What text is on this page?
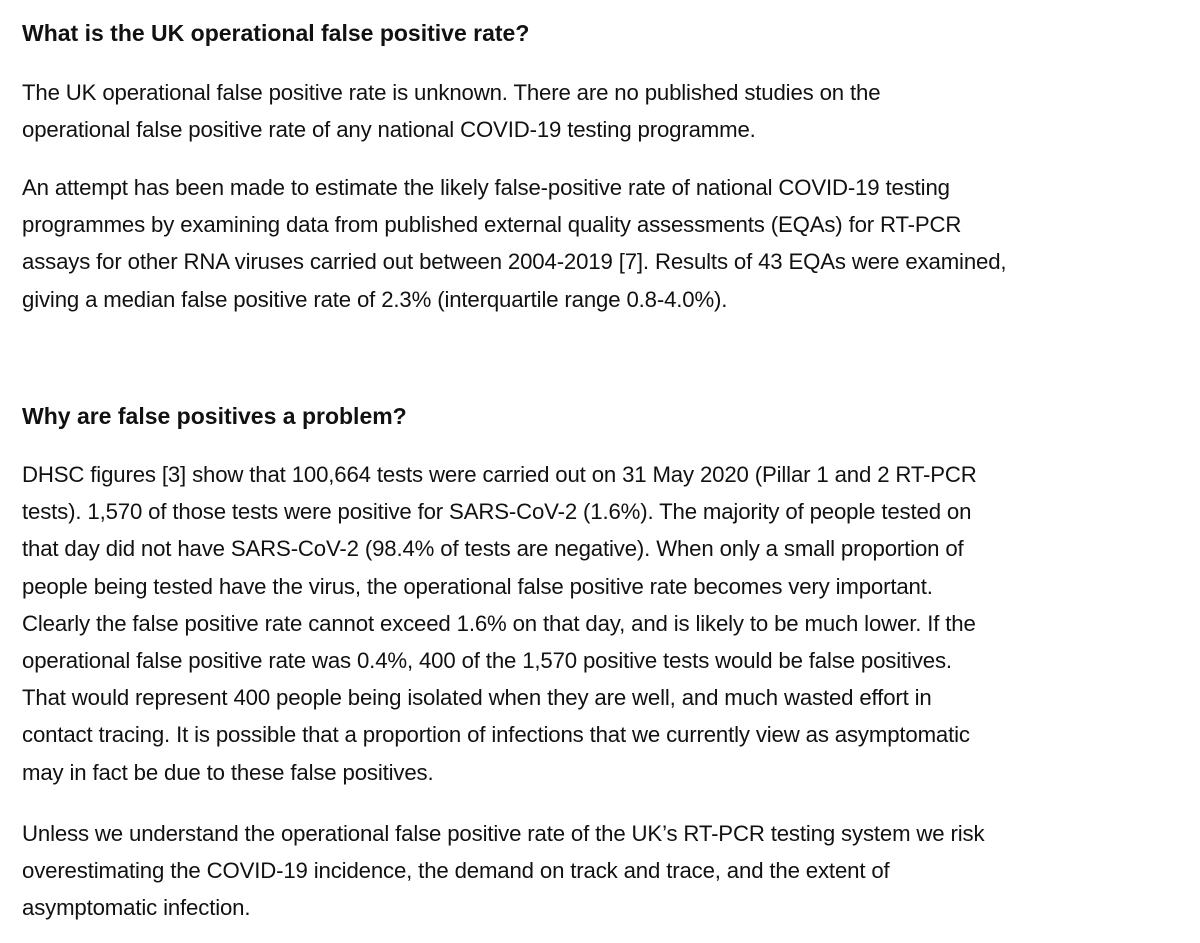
What is the UK operational false positive rate?

The UK operational false positive rate is unknown. There are no published studies on the
operational false positive rate of any national COVID-19 testing programme.

An attempt has been made to estimate the likely false-positive rate of national COVID-19 testing
programmes by examining data from published external quality assessments (EQAs) for RT-PCR
assays for other RNA viruses carried out between 2004-2019 [7]. Results of 43 EQAs were examined,
giving a median false positive rate of 2.3% (interquartile range 0.8-4.0%).

Why are false positives a problem?

DHSC figures [3] show that 100,664 tests were carried out on 31 May 2020 (Pillar 1 and 2 RT-PCR
tests). 1,570 of those tests were positive for SARS-CoV-2 (1.6%). The majority of people tested on
that day did not have SARS-CoV-2 (98.4% of tests are negative). When only a small proportion of
people being tested have the virus, the operational false positive rate becomes very important.
Clearly the false positive rate cannot exceed 1.6% on that day, and is likely to be much lower. If the
operational false positive rate was 0.4%, 400 of the 1,570 positive tests would be false positives.
That would represent 400 people being isolated when they are well, and much wasted effort in
contact tracing. It is possible that a proportion of infections that we currently view as asymptomatic
may in fact be due to these false positives.

Unless we understand the operational false positive rate of the UK’s RT-PCR testing system we risk
overestimating the COVID-19 incidence, the demand on track and trace, and the extent of
asymptomatic infection.
